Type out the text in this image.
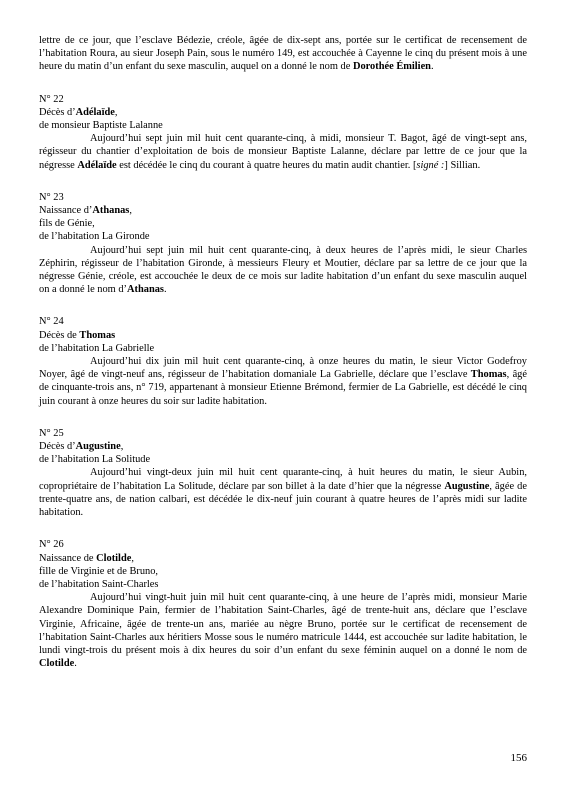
lettre de ce jour, que l’esclave Bédezie, créole, âgée de dix-sept ans, portée sur le certificat de recensement de l’habitation Roura, au sieur Joseph Pain, sous le numéro 149, est accouchée à Cayenne le cinq du présent mois à une heure du matin d’un enfant du sexe masculin, auquel on a donné le nom de Dorothée Émilien.

N° 22

Décès d’Adélaïde,

de monsieur Baptiste Lalanne

Aujourd’hui sept juin mil huit cent quarante-cinq, à midi, monsieur T. Bagot, âgé de vingt-sept ans, régisseur du chantier d’exploitation de bois de monsieur Baptiste Lalanne, déclare par lettre de ce jour que la négresse Adélaïde est décédée le cinq du courant à quatre heures du matin audit chantier. [signé :] Sillian.

N° 23

Naissance d’Athanas,

fils de Génie,

de l’habitation La Gironde

Aujourd’hui sept juin mil huit cent quarante-cinq, à deux heures de l’après midi, le sieur Charles Zéphirin, régisseur de l’habitation Gironde, à messieurs Fleury et Moutier, déclare par sa lettre de ce jour que la négresse Génie, créole, est accouchée le deux de ce mois sur ladite habitation d’un enfant du sexe masculin auquel on a donné le nom d’Athanas.

N° 24

Décès de Thomas

de l’habitation La Gabrielle

Aujourd’hui dix juin mil huit cent quarante-cinq, à onze heures du matin, le sieur Victor Godefroy Noyer, âgé de vingt-neuf ans, régisseur de l’habitation domaniale La Gabrielle, déclare que l’esclave Thomas, âgé de cinquante-trois ans, n° 719, appartenant à monsieur Etienne Brémond, fermier de La Gabrielle, est décédé le cinq juin courant à onze heures du soir sur ladite habitation.

N° 25

Décès d’Augustine,

de l’habitation La Solitude

Aujourd’hui vingt-deux juin mil huit cent quarante-cinq, à huit heures du matin, le sieur Aubin, copropriétaire de l’habitation La Solitude, déclare par son billet à la date d’hier que la négresse Augustine, âgée de trente-quatre ans, de nation calbari, est décédée le dix-neuf juin courant à quatre heures de l’après midi sur ladite habitation.

N° 26

Naissance de Clotilde,

fille de Virginie et de Bruno,

de l’habitation Saint-Charles

Aujourd’hui vingt-huit juin mil huit cent quarante-cinq, à une heure de l’après midi, monsieur Marie Alexandre Dominique Pain, fermier de l’habitation Saint-Charles, âgé de trente-huit ans, déclare que l’esclave Virginie, Africaine, âgée de trente-un ans, mariée au nègre Bruno, portée sur le certificat de recensement de l’habitation Saint-Charles aux héritiers Mosse sous le numéro matricule 1444, est accouchée sur ladite habitation, le lundi vingt-trois du présent mois à dix heures du soir d’un enfant du sexe féminin auquel on a donné le nom de Clotilde.

156
